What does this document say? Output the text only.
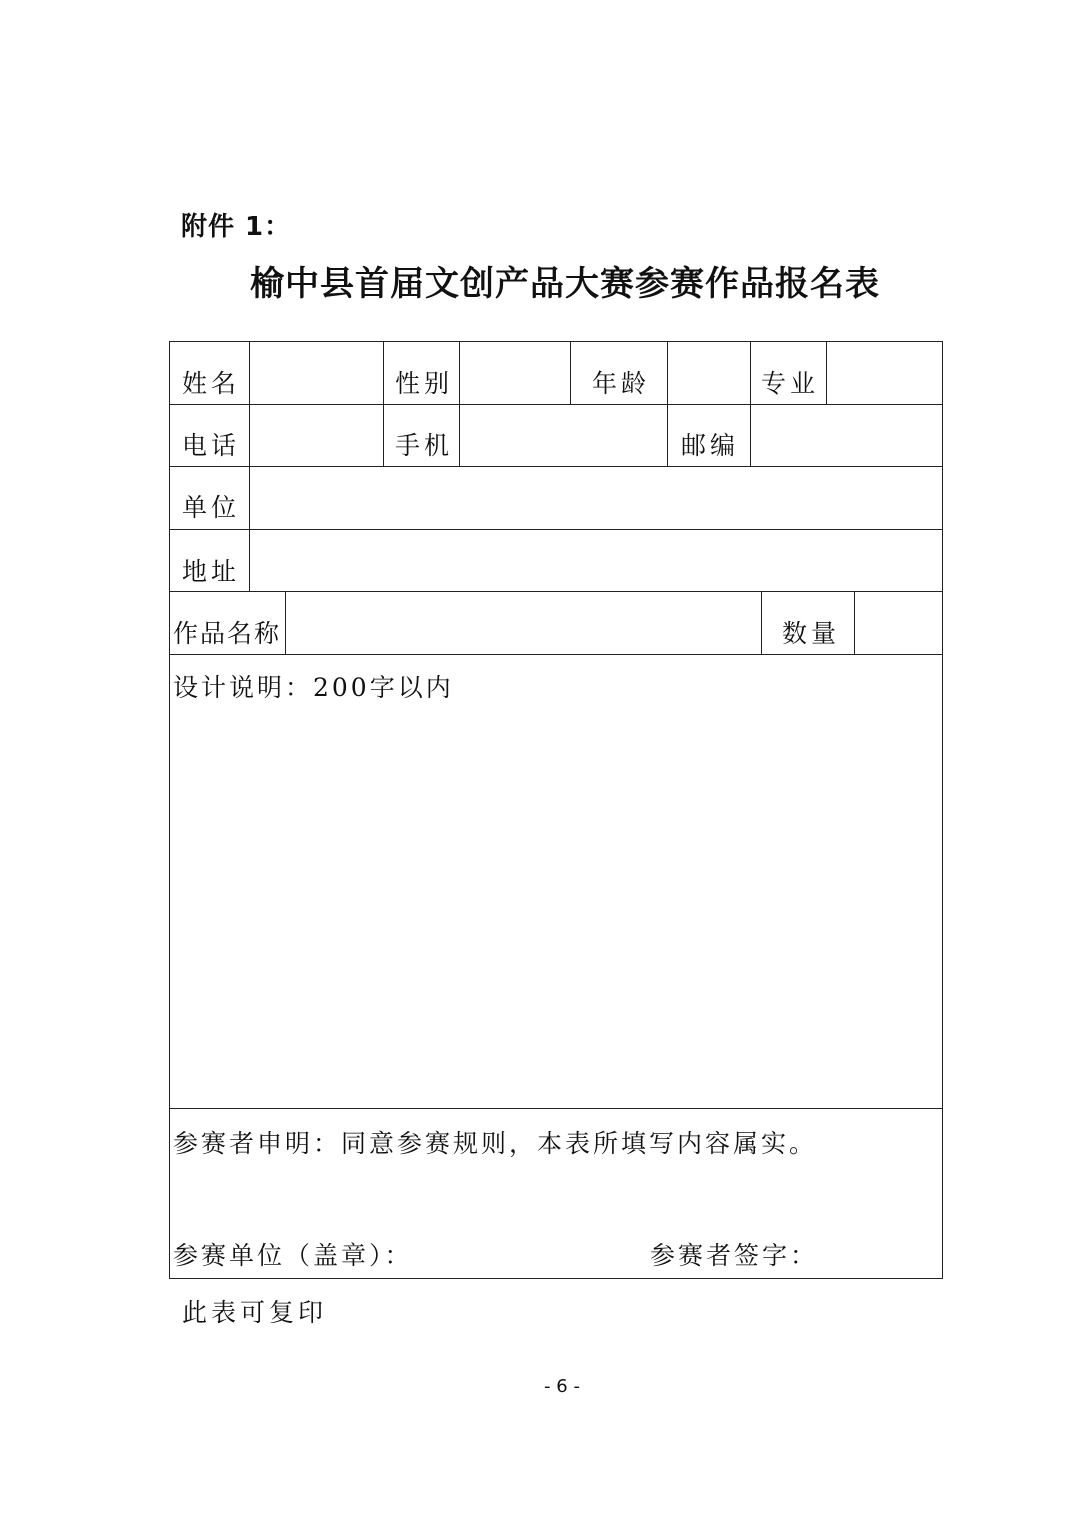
附件 1：
榆中县首届文创产品大赛参赛作品报名表
姓名	性别	年龄	专业
电话	手机	邮编
单位
地址
作品名称	数量
设计说明：200字以内
参赛者申明：同意参赛规则，本表所填写内容属实。
参赛单位（盖章）：	参赛者签字：
此表可复印
- 6 -
